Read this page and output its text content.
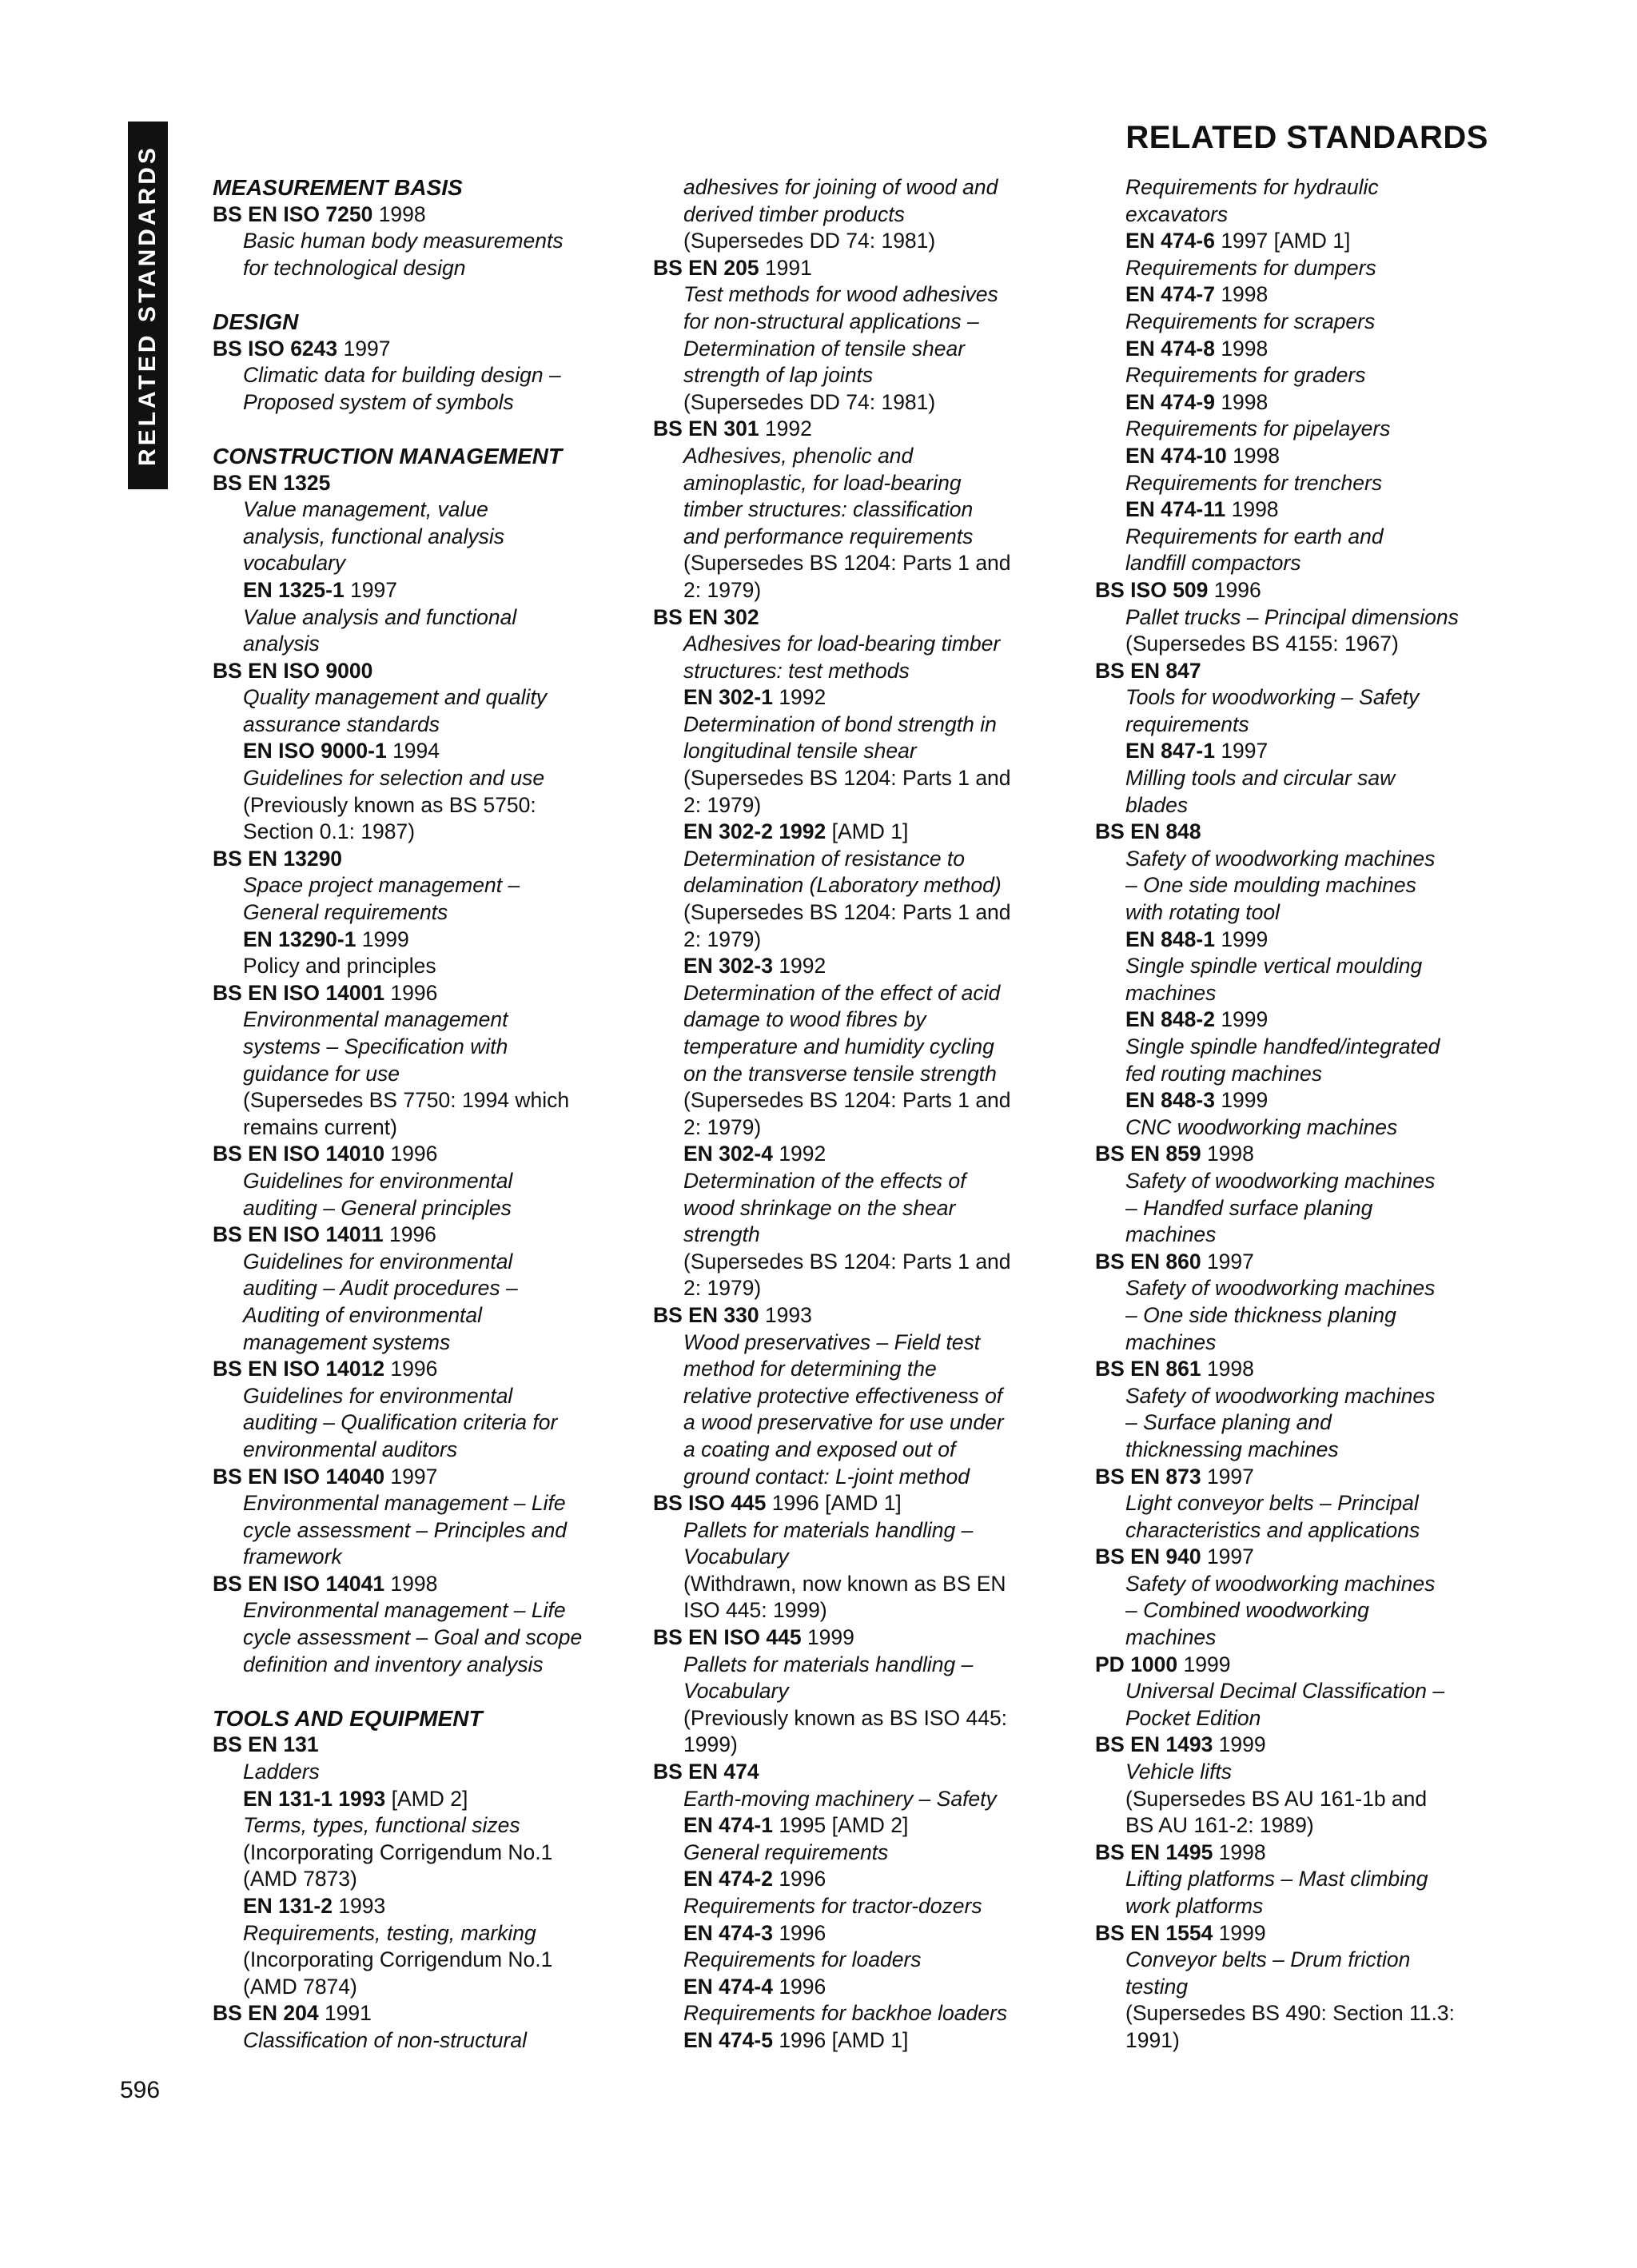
RELATED STANDARDS
RELATED STANDARDS
MEASUREMENT BASIS
BS EN ISO 7250 1998
Basic human body measurements
for technological design
DESIGN
BS ISO 6243 1997
Climatic data for building design –
Proposed system of symbols
CONSTRUCTION MANAGEMENT
BS EN 1325
Value management, value
analysis, functional analysis
vocabulary
EN 1325-1 1997
Value analysis and functional
analysis
BS EN ISO 9000
Quality management and quality
assurance standards
EN ISO 9000-1 1994
Guidelines for selection and use
(Previously known as BS 5750:
Section 0.1: 1987)
BS EN 13290
Space project management –
General requirements
EN 13290-1 1999
Policy and principles
BS EN ISO 14001 1996
Environmental management
systems – Specification with
guidance for use
(Supersedes BS 7750: 1994 which
remains current)
BS EN ISO 14010 1996
Guidelines for environmental
auditing – General principles
BS EN ISO 14011 1996
Guidelines for environmental
auditing – Audit procedures –
Auditing of environmental
management systems
BS EN ISO 14012 1996
Guidelines for environmental
auditing – Qualification criteria for
environmental auditors
BS EN ISO 14040 1997
Environmental management – Life
cycle assessment – Principles and
framework
BS EN ISO 14041 1998
Environmental management – Life
cycle assessment – Goal and scope
definition and inventory analysis
TOOLS AND EQUIPMENT
BS EN 131
Ladders
EN 131-1 1993 [AMD 2]
Terms, types, functional sizes
(Incorporating Corrigendum No.1
(AMD 7873)
EN 131-2 1993
Requirements, testing, marking
(Incorporating Corrigendum No.1
(AMD 7874)
BS EN 204 1991
Classification of non-structural
adhesives for joining of wood and
derived timber products
(Supersedes DD 74: 1981)
BS EN 205 1991
Test methods for wood adhesives
for non-structural applications –
Determination of tensile shear
strength of lap joints
(Supersedes DD 74: 1981)
BS EN 301 1992
Adhesives, phenolic and
aminoplastic, for load-bearing
timber structures: classification
and performance requirements
(Supersedes BS 1204: Parts 1 and
2: 1979)
BS EN 302
Adhesives for load-bearing timber
structures: test methods
EN 302-1 1992
Determination of bond strength in
longitudinal tensile shear
(Supersedes BS 1204: Parts 1 and
2: 1979)
EN 302-2 1992 [AMD 1]
Determination of resistance to
delamination (Laboratory method)
(Supersedes BS 1204: Parts 1 and
2: 1979)
EN 302-3 1992
Determination of the effect of acid
damage to wood fibres by
temperature and humidity cycling
on the transverse tensile strength
(Supersedes BS 1204: Parts 1 and
2: 1979)
EN 302-4 1992
Determination of the effects of
wood shrinkage on the shear
strength
(Supersedes BS 1204: Parts 1 and
2: 1979)
BS EN 330 1993
Wood preservatives – Field test
method for determining the
relative protective effectiveness of
a wood preservative for use under
a coating and exposed out of
ground contact: L-joint method
BS ISO 445 1996 [AMD 1]
Pallets for materials handling –
Vocabulary
(Withdrawn, now known as BS EN
ISO 445: 1999)
BS EN ISO 445 1999
Pallets for materials handling –
Vocabulary
(Previously known as BS ISO 445:
1999)
BS EN 474
Earth-moving machinery – Safety
EN 474-1 1995 [AMD 2]
General requirements
EN 474-2 1996
Requirements for tractor-dozers
EN 474-3 1996
Requirements for loaders
EN 474-4 1996
Requirements for backhoe loaders
EN 474-5 1996 [AMD 1]
Requirements for hydraulic
excavators
EN 474-6 1997 [AMD 1]
Requirements for dumpers
EN 474-7 1998
Requirements for scrapers
EN 474-8 1998
Requirements for graders
EN 474-9 1998
Requirements for pipelayers
EN 474-10 1998
Requirements for trenchers
EN 474-11 1998
Requirements for earth and
landfill compactors
BS ISO 509 1996
Pallet trucks – Principal dimensions
(Supersedes BS 4155: 1967)
BS EN 847
Tools for woodworking – Safety
requirements
EN 847-1 1997
Milling tools and circular saw
blades
BS EN 848
Safety of woodworking machines
– One side moulding machines
with rotating tool
EN 848-1 1999
Single spindle vertical moulding
machines
EN 848-2 1999
Single spindle handfed/integrated
fed routing machines
EN 848-3 1999
CNC woodworking machines
BS EN 859 1998
Safety of woodworking machines
– Handfed surface planing
machines
BS EN 860 1997
Safety of woodworking machines
– One side thickness planing
machines
BS EN 861 1998
Safety of woodworking machines
– Surface planing and
thicknessing machines
BS EN 873 1997
Light conveyor belts – Principal
characteristics and applications
BS EN 940 1997
Safety of woodworking machines
– Combined woodworking
machines
PD 1000 1999
Universal Decimal Classification –
Pocket Edition
BS EN 1493 1999
Vehicle lifts
(Supersedes BS AU 161-1b and
BS AU 161-2: 1989)
BS EN 1495 1998
Lifting platforms – Mast climbing
work platforms
BS EN 1554 1999
Conveyor belts – Drum friction
testing
(Supersedes BS 490: Section 11.3:
1991)
596
